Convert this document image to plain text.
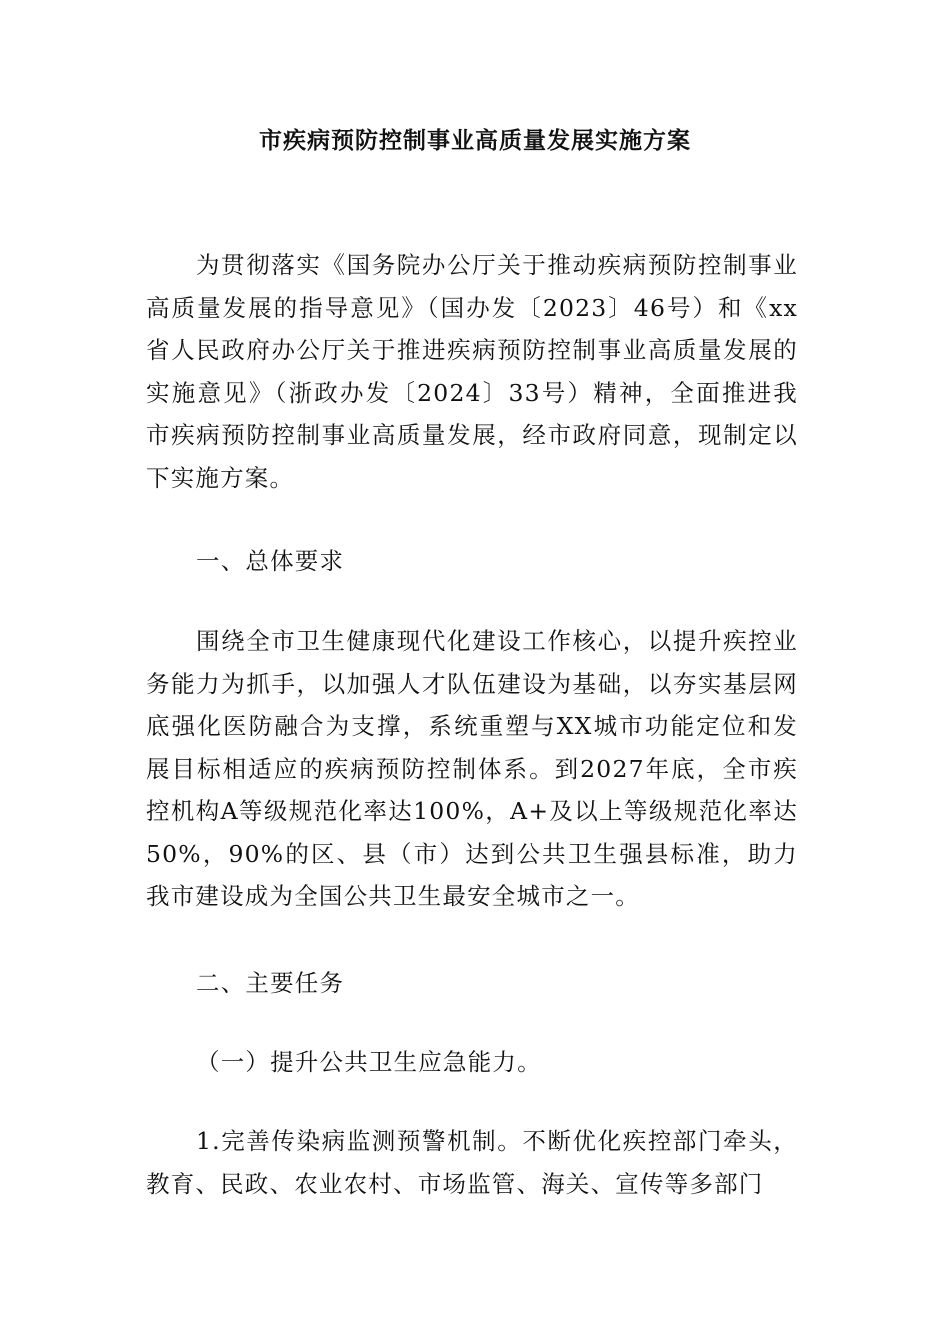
市疾病预防控制事业高质量发展实施方案

为贯彻落实《国务院办公厅关于推动疾病预防控制事业高质量发展的指导意见》（国办发〔2023〕46号）和《xx省人民政府办公厅关于推进疾病预防控制事业高质量发展的实施意见》（浙政办发〔2024〕33号）精神，全面推进我市疾病预防控制事业高质量发展，经市政府同意，现制定以下实施方案。

一、总体要求

围绕全市卫生健康现代化建设工作核心，以提升疾控业务能力为抓手，以加强人才队伍建设为基础，以夯实基层网底强化医防融合为支撑，系统重塑与XX城市功能定位和发展目标相适应的疾病预防控制体系。到2027年底，全市疾控机构A等级规范化率达100%，A+及以上等级规范化率达50%，90%的区、县（市）达到公共卫生强县标准，助力我市建设成为全国公共卫生最安全城市之一。

二、主要任务
（一）提升公共卫生应急能力。

1.完善传染病监测预警机制。不断优化疾控部门牵头，教育、民政、农业农村、市场监管、海关、宣传等多部门
